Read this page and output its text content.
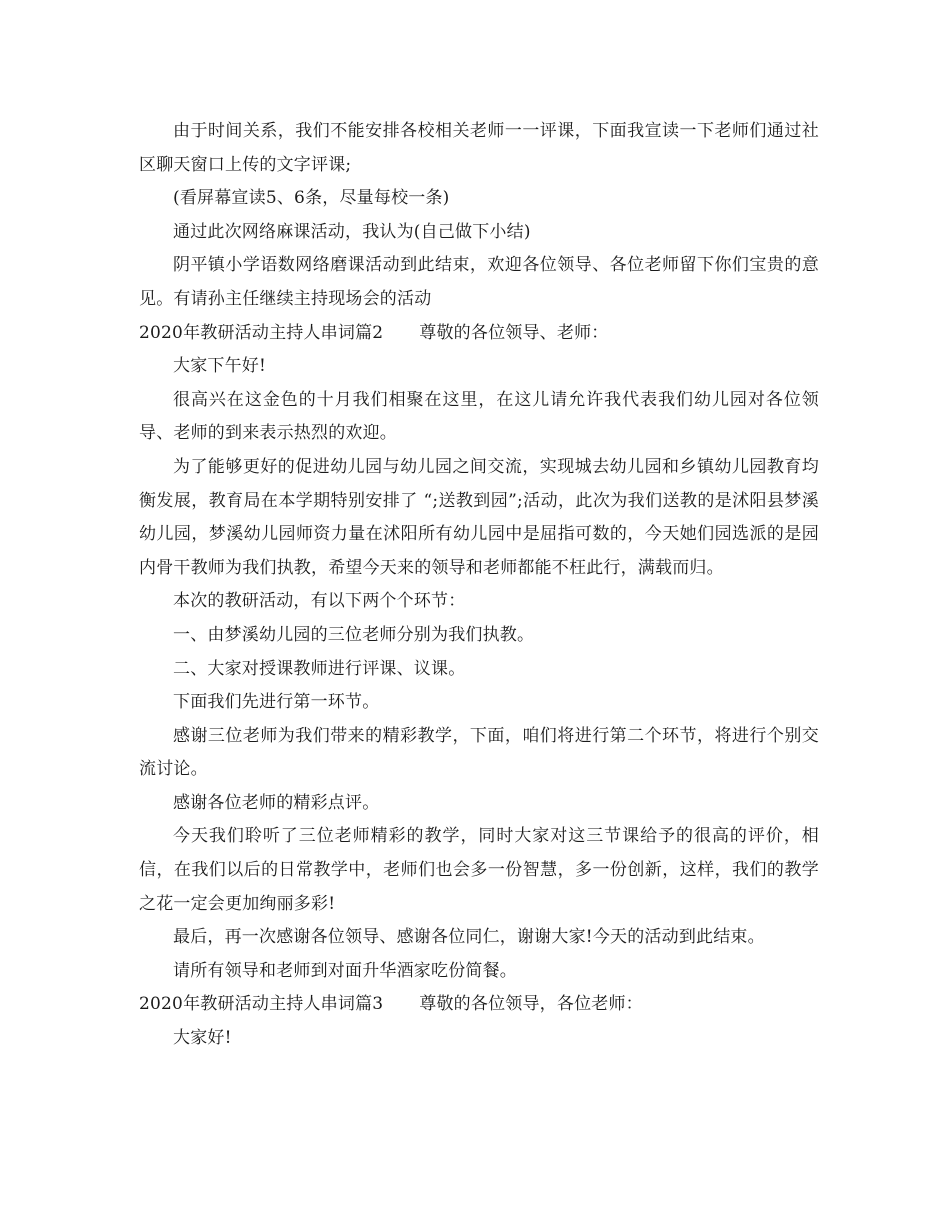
由于时间关系，我们不能安排各校相关老师一一评课，下面我宣读一下老师们通过社区聊天窗口上传的文字评课;

(看屏幕宣读5、6条，尽量每校一条)

通过此次网络麻课活动，我认为(自己做下小结)

阴平镇小学语数网络磨课活动到此结束，欢迎各位领导、各位老师留下你们宝贵的意见。有请孙主任继续主持现场会的活动

2020年教研活动主持人串词篇2 尊敬的各位领导、老师：

大家下午好!

很高兴在这金色的十月我们相聚在这里，在这儿请允许我代表我们幼儿园对各位领导、老师的到来表示热烈的欢迎。

为了能够更好的促进幼儿园与幼儿园之间交流，实现城去幼儿园和乡镇幼儿园教育均衡发展，教育局在本学期特别安排了 “;送教到园”;活动，此次为我们送教的是沭阳县梦溪幼儿园，梦溪幼儿园师资力量在沭阳所有幼儿园中是屈指可数的，今天她们园选派的是园内骨干教师为我们执教，希望今天来的领导和老师都能不枉此行，满载而归。

本次的教研活动，有以下两个个环节：

一、由梦溪幼儿园的三位老师分别为我们执教。

二、大家对授课教师进行评课、议课。

下面我们先进行第一环节。

感谢三位老师为我们带来的精彩教学，下面，咱们将进行第二个环节，将进行个别交流讨论。

感谢各位老师的精彩点评。

今天我们聆听了三位老师精彩的教学，同时大家对这三节课给予的很高的评价，相信，在我们以后的日常教学中，老师们也会多一份智慧，多一份创新，这样，我们的教学之花一定会更加绚丽多彩!

最后，再一次感谢各位领导、感谢各位同仁，谢谢大家!今天的活动到此结束。

请所有领导和老师到对面升华酒家吃份简餐。

2020年教研活动主持人串词篇3 尊敬的各位领导，各位老师：

大家好!
